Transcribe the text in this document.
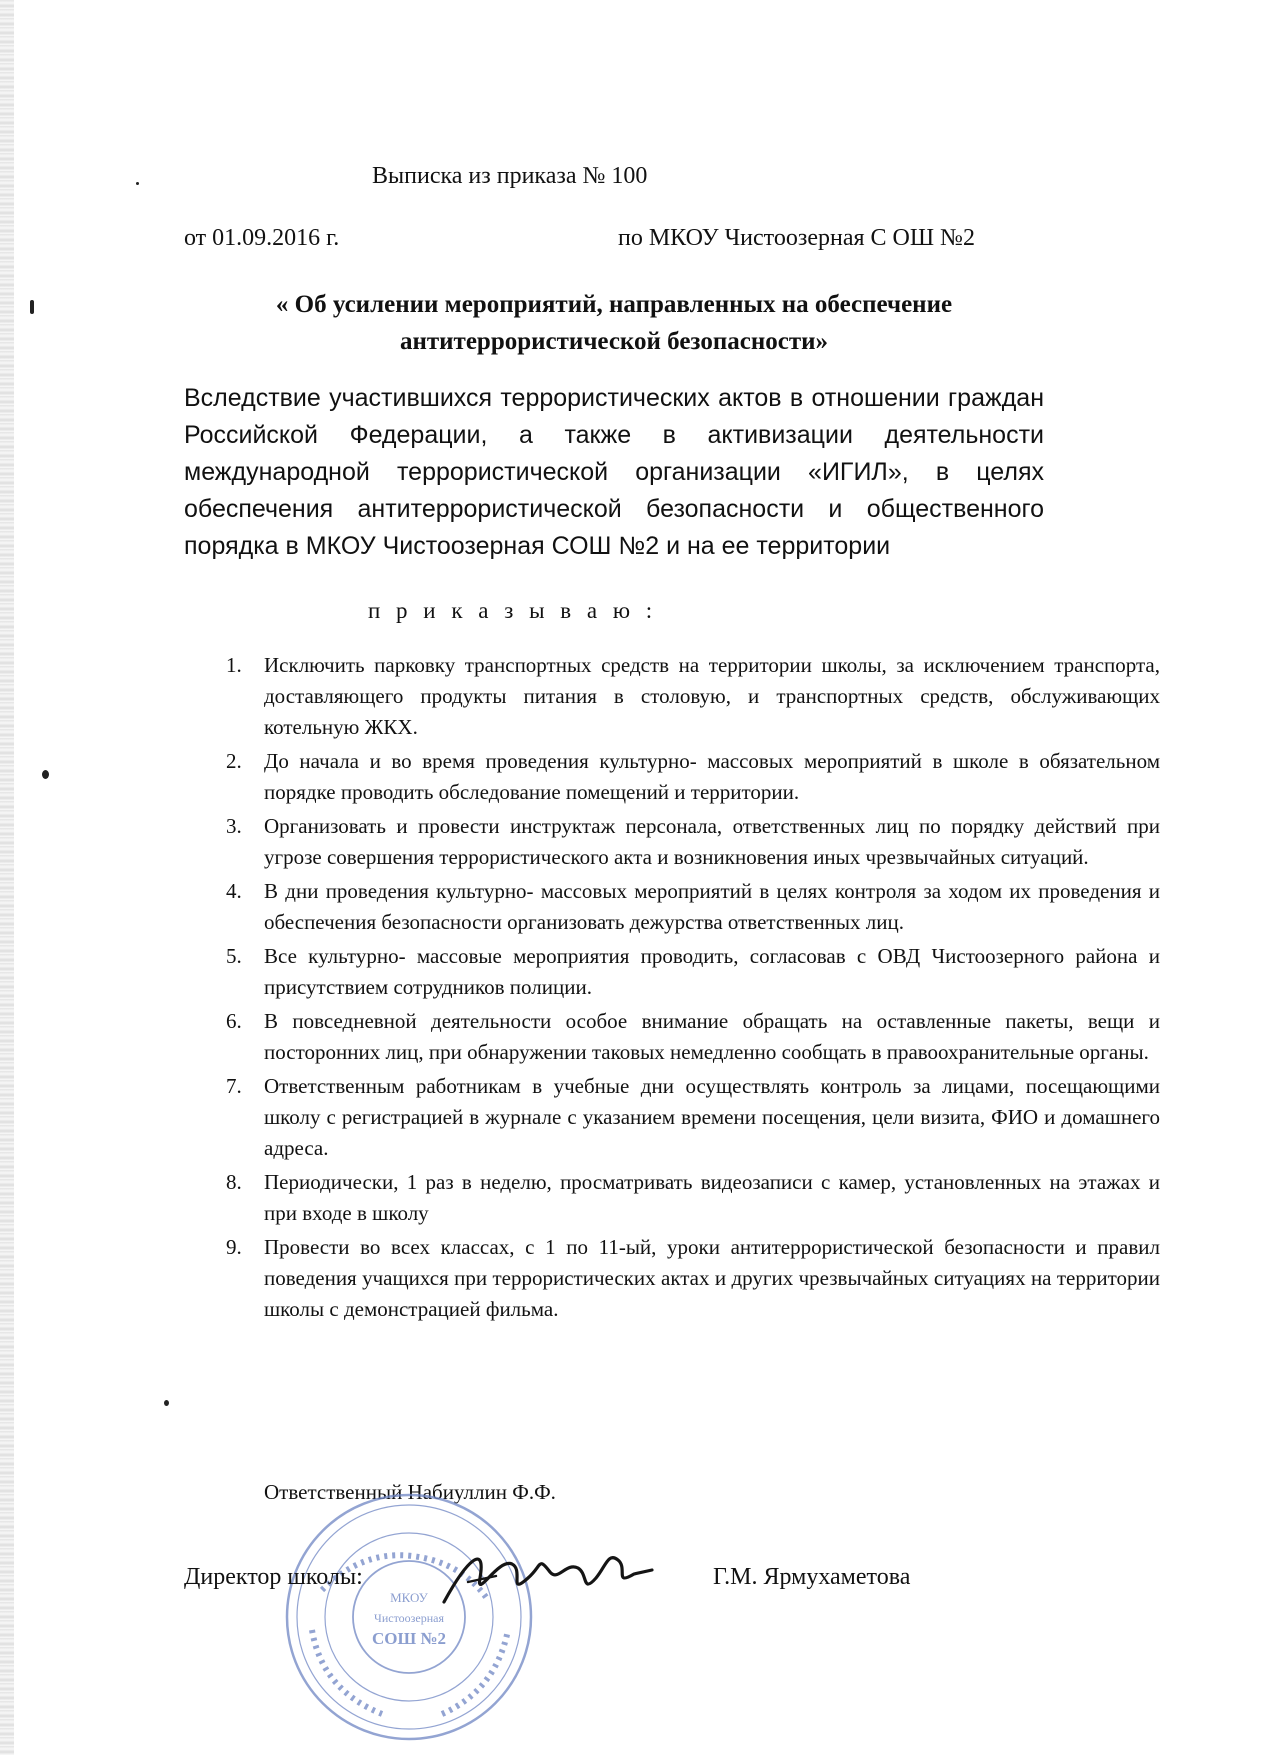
Выписка из приказа № 100
от 01.09.2016 г.	по МКОУ Чистоозерная С ОШ №2
« Об усилении мероприятий, направленных на обеспечение антитеррористической безопасности»
Вследствие участившихся террористических актов в отношении граждан Российской Федерации, а также в активизации деятельности международной террористической организации «ИГИЛ», в целях обеспечения антитеррористической безопасности и общественного порядка в МКОУ Чистоозерная СОШ №2 и на ее территории
п р и к а з ы в а ю :
1.	Исключить парковку транспортных средств на территории школы, за исключением транспорта, доставляющего продукты питания в столовую, и транспортных средств, обслуживающих котельную ЖКХ.
2.	До начала и во время проведения культурно- массовых мероприятий в школе в обязательном порядке проводить обследование помещений и территории.
3.	Организовать и провести инструктаж персонала, ответственных лиц по порядку действий при угрозе совершения террористического акта и возникновения иных чрезвычайных ситуаций.
4.	В дни проведения культурно- массовых мероприятий в целях контроля за ходом их проведения и обеспечения безопасности организовать дежурства ответственных лиц.
5.	Все культурно- массовые мероприятия проводить, согласовав с ОВД Чистоозерного района и присутствием сотрудников полиции.
6.	В повседневной деятельности особое внимание обращать на оставленные пакеты, вещи и посторонних лиц, при обнаружении таковых немедленно сообщать в правоохранительные органы.
7.	Ответственным работникам в учебные дни осуществлять контроль за лицами, посещающими школу с регистрацией в журнале с указанием времени посещения, цели визита, ФИО и домашнего адреса.
8.	Периодически, 1 раз в неделю, просматривать видеозаписи с камер, установленных на этажах и при входе в школу
9.	Провести во всех классах, с 1 по 11-ый, уроки антитеррористической безопасности и правил поведения учащихся при террористических актах и других чрезвычайных ситуациях на территории школы с демонстрацией фильма.
Ответственный Набиуллин Ф.Ф.
МКОУ
Чистоозерная
СОШ №2
Директор школы:	Г.М. Ярмухаметова
